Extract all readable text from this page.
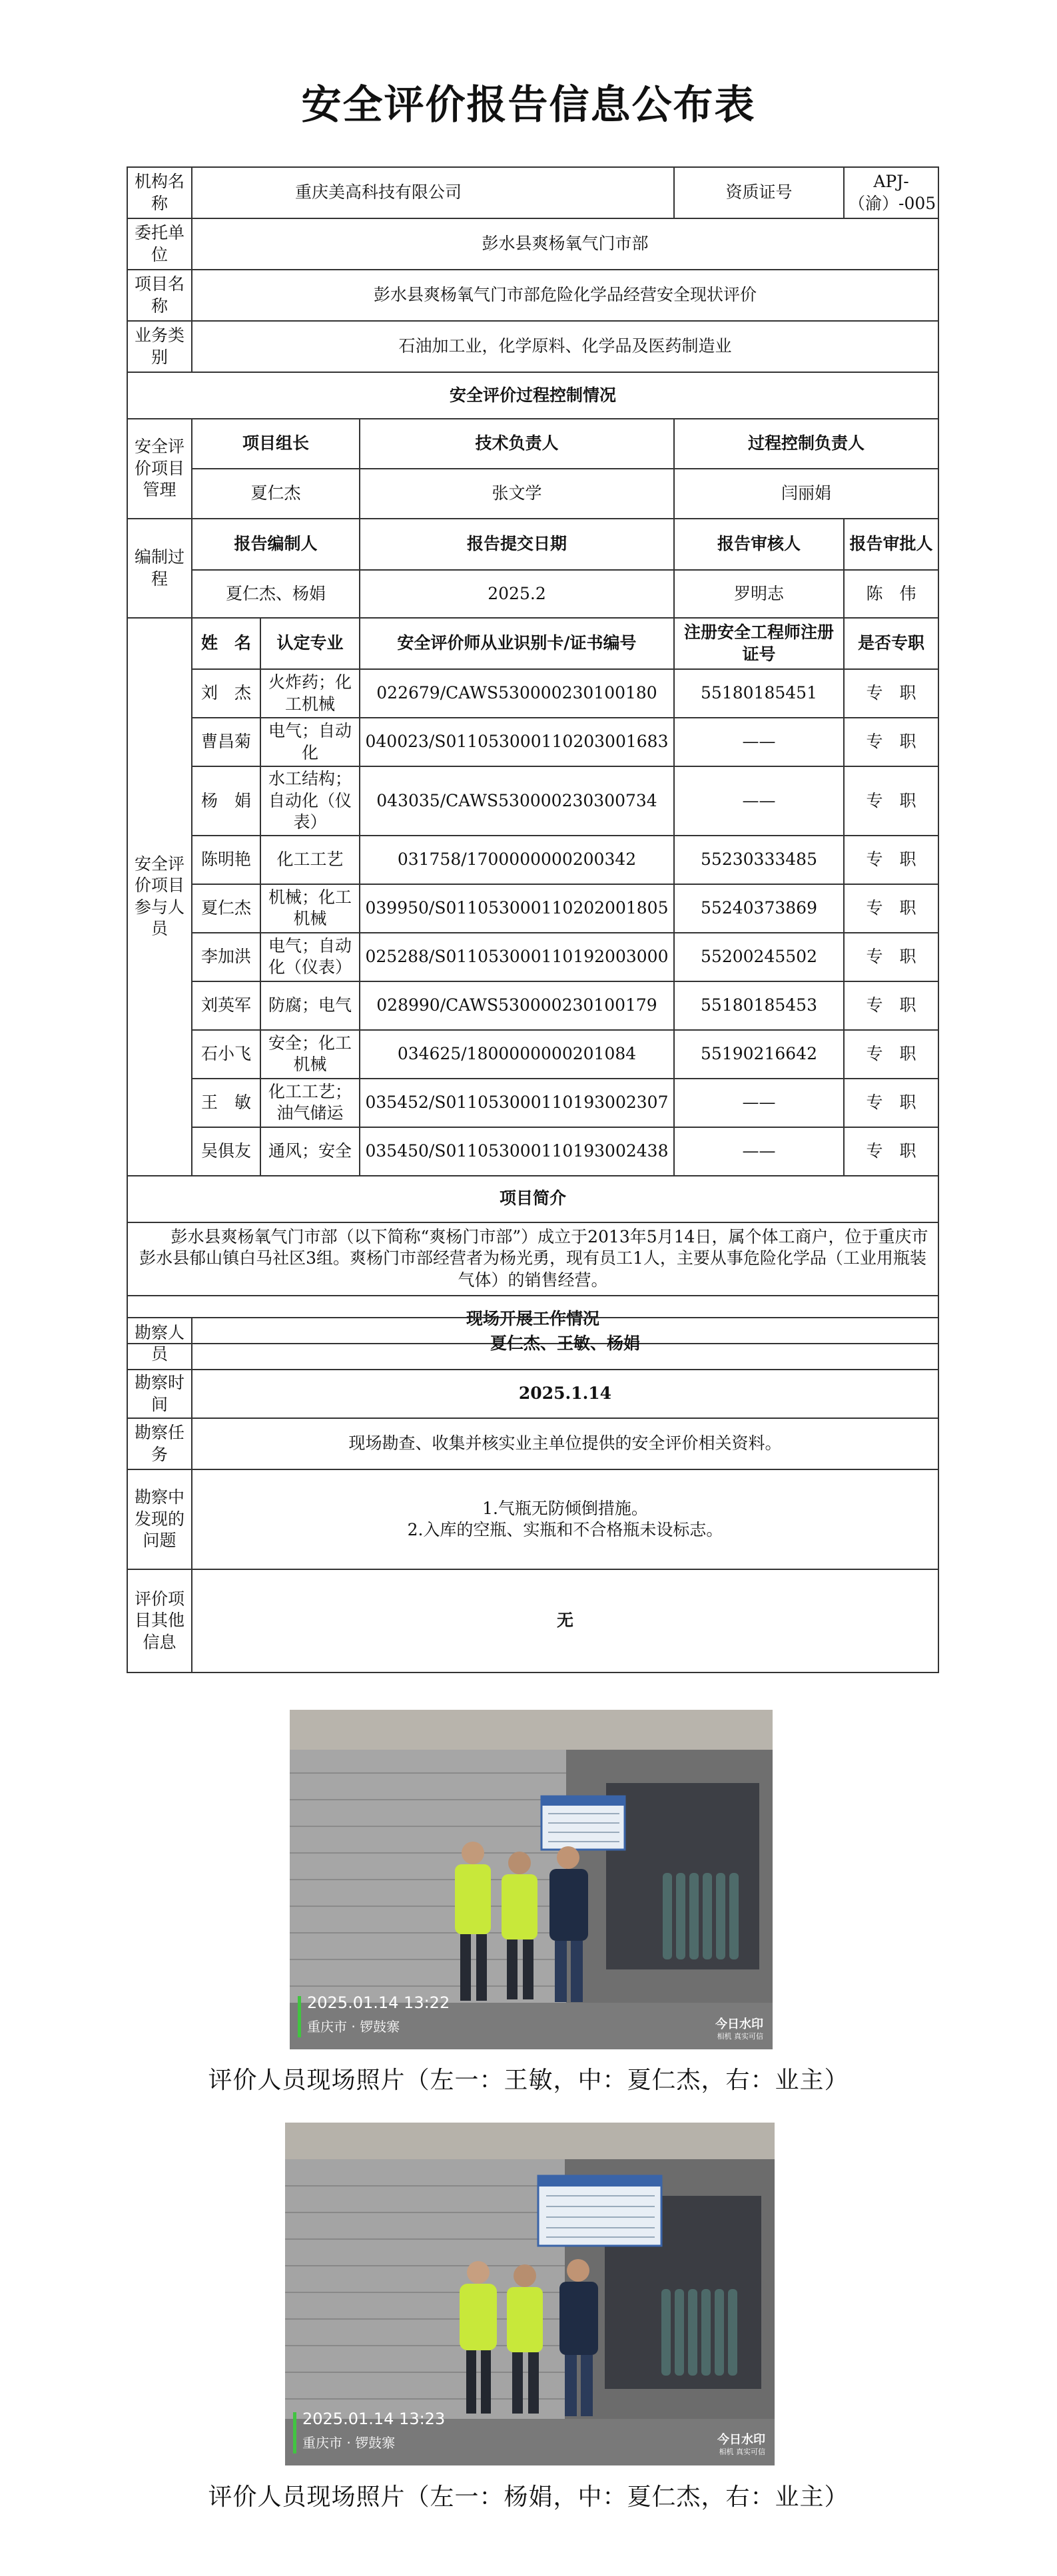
安全评价报告信息公布表
机构名称	重庆美高科技有限公司			资质证号	APJ-（渝）-005
委托单位	彭水县爽杨氧气门市部				
项目名称	彭水县爽杨氧气门市部危险化学品经营安全现状评价				
业务类别	石油加工业，化学原料、化学品及医药制造业				
安全评价过程控制情况					
安全评价项目管理	项目组长		技术负责人	过程控制负责人	
	夏仁杰		张文学	闫丽娟	
编制过程	报告编制人		报告提交日期	报告审核人	报告审批人
	夏仁杰、杨娟		2025.2	罗明志	陈　伟
安全评价项目参与人员	姓　名	认定专业	安全评价师从业识别卡/证书编号	注册安全工程师注册证号	是否专职
	刘　杰	火炸药；化工机械	022679/CAWS530000230100180	55180185451	专　职
	曹昌菊	电气；自动化	040023/S011053000110203001683	——	专　职
	杨　娟	水工结构；自动化（仪表）	043035/CAWS530000230300734	——	专　职
	陈明艳	化工工艺	031758/1700000000200342	55230333485	专　职
	夏仁杰	机械；化工机械	039950/S011053000110202001805	55240373869	专　职
	李加洪	电气；自动化（仪表）	025288/S011053000110192003000	55200245502	专　职
	刘英军	防腐；电气	028990/CAWS530000230100179	55180185453	专　职
	石小飞	安全；化工机械	034625/1800000000201084	55190216642	专　职
	王　敏	化工工艺；油气储运	035452/S011053000110193002307	——	专　职
	吴俱友	通风；安全	035450/S011053000110193002438	——	专　职
项目简介					
彭水县爽杨氧气门市部（以下简称“爽杨门市部”）成立于2013年5月14日，属个体工商户，位于重庆市彭水县郁山镇白马社区3组。爽杨门市部经营者为杨光勇，现有员工1人，主要从事危险化学品（工业用瓶装气体）的销售经营。					
现场开展工作情况					
勘察人员	夏仁杰、王敏、杨娟
勘察时间	2025.1.14
勘察任务	现场勘查、收集并核实业主单位提供的安全评价相关资料。
勘察中发现的问题	1.气瓶无防倾倒措施。
2.入库的空瓶、实瓶和不合格瓶未设标志。

评价项目其他信息	无
2025.01.14 13:22
重庆市 · 锣鼓寨	今日水印
相机 真实可信
评价人员现场照片（左一：王敏，中：夏仁杰，右：业主）
2025.01.14 13:23
重庆市 · 锣鼓寨	今日水印
相机 真实可信
评价人员现场照片（左一：杨娟，中：夏仁杰，右：业主）
